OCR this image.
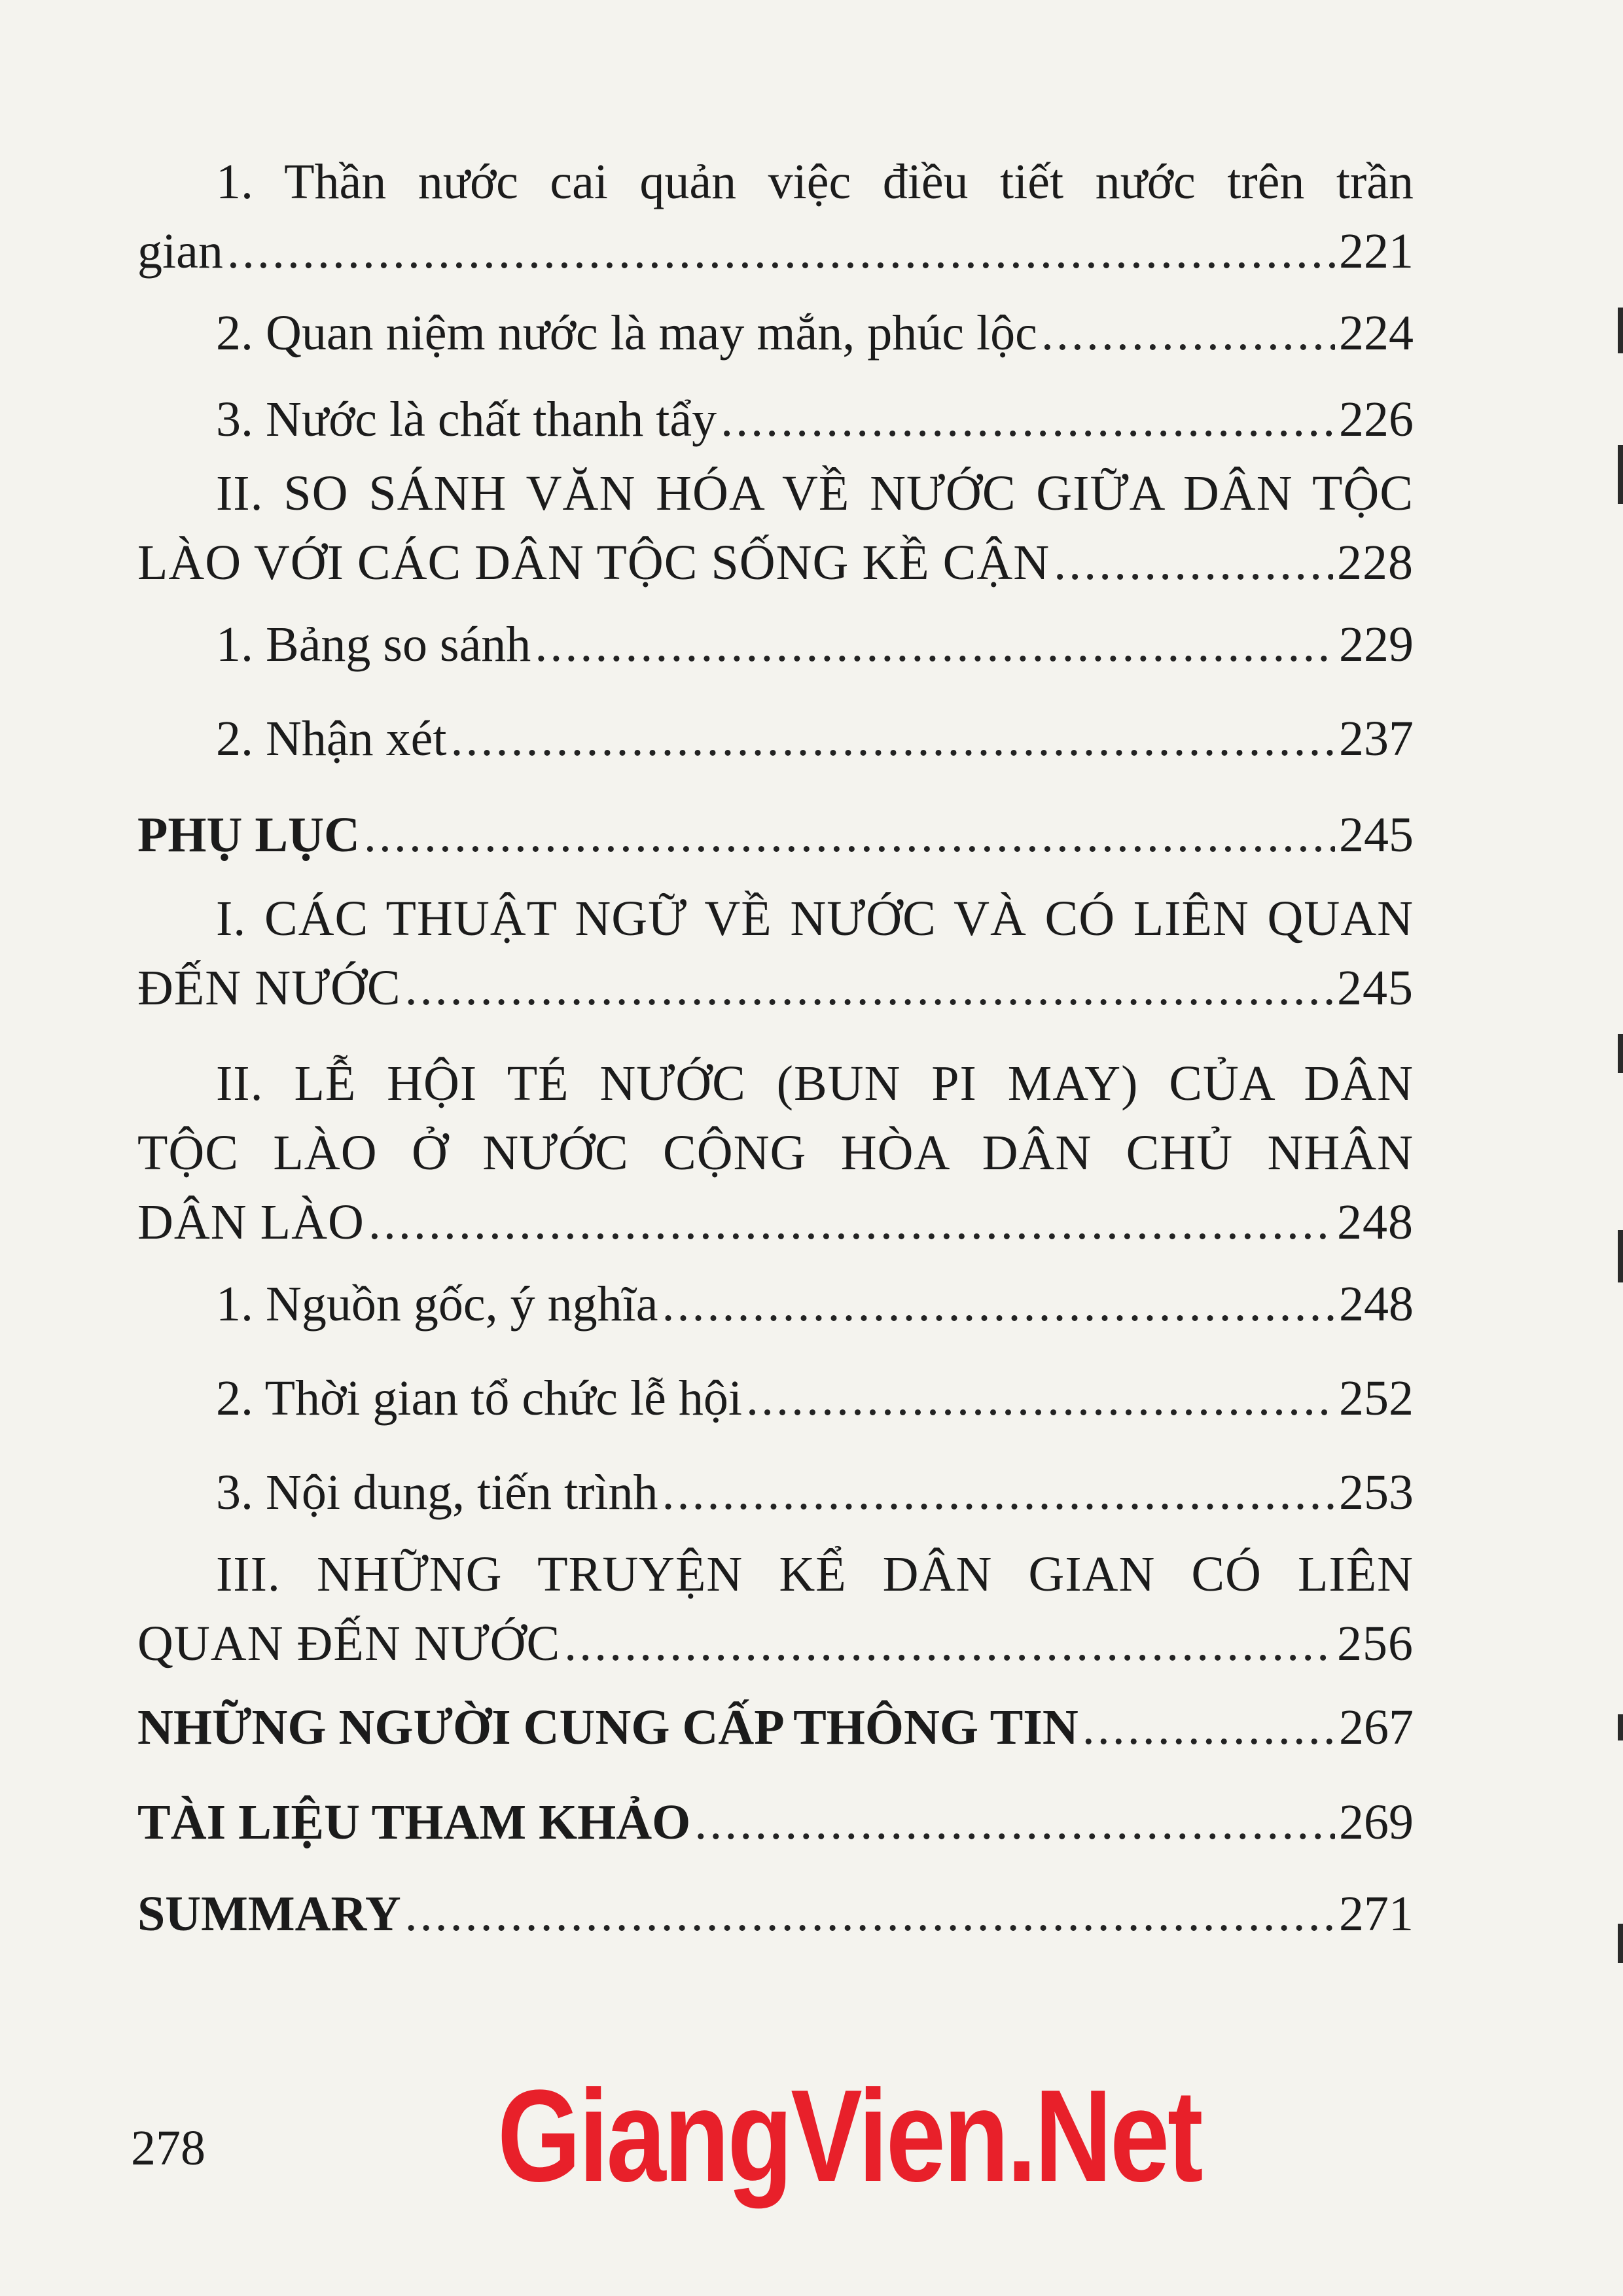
1. Thần nước cai quản việc điều tiết nước trên trần
gian .....	221
2. Quan niệm nước là may mắn, phúc lộc .....	224
3. Nước là chất thanh tẩy .....	226
II. SO SÁNH VĂN HÓA VỀ NƯỚC GIỮA DÂN TỘC
LÀO VỚI CÁC DÂN TỘC SỐNG KỀ CẬN .....	228
1. Bảng so sánh .....	229
2. Nhận xét .....	237
PHỤ LỤC .....	245
I. CÁC THUẬT NGỮ VỀ NƯỚC VÀ CÓ LIÊN QUAN
ĐẾN NƯỚC .....	245
II. LỄ HỘI TÉ NƯỚC (BUN PI MAY) CỦA DÂN
TỘC LÀO Ở NƯỚC CỘNG HÒA DÂN CHỦ NHÂN
DÂN LÀO .....	248
1. Nguồn gốc, ý nghĩa .....	248
2. Thời gian tổ chức lễ hội .....	252
3. Nội dung, tiến trình .....	253
III. NHỮNG TRUYỆN KỂ DÂN GIAN CÓ LIÊN
QUAN ĐẾN NƯỚC .....	256
NHỮNG NGƯỜI CUNG CẤP THÔNG TIN .....	267
TÀI LIỆU THAM KHẢO .....	269
SUMMARY .....	271
278 GiangVien.Net
